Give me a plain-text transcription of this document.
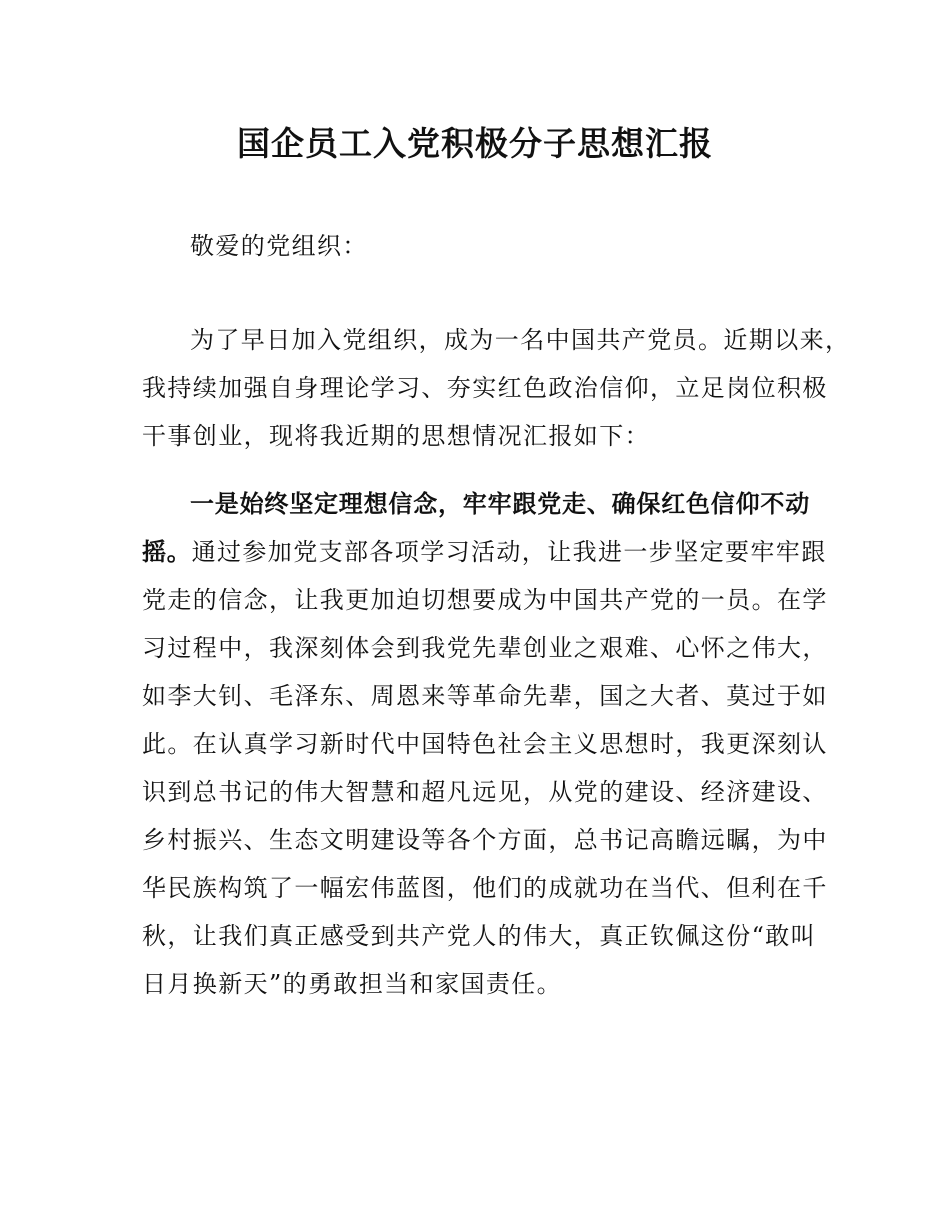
国企员工入党积极分子思想汇报
敬爱的党组织：
为了早日加入党组织，成为一名中国共产党员。近期以来，
我持续加强自身理论学习、夯实红色政治信仰，立足岗位积极
干事创业，现将我近期的思想情况汇报如下：
一是始终坚定理想信念，牢牢跟党走、确保红色信仰不动
摇。通过参加党支部各项学习活动，让我进一步坚定要牢牢跟
党走的信念，让我更加迫切想要成为中国共产党的一员。在学
习过程中，我深刻体会到我党先辈创业之艰难、心怀之伟大，
如李大钊、毛泽东、周恩来等革命先辈，国之大者、莫过于如
此。在认真学习新时代中国特色社会主义思想时，我更深刻认
识到总书记的伟大智慧和超凡远见，从党的建设、经济建设、
乡村振兴、生态文明建设等各个方面，总书记高瞻远瞩，为中
华民族构筑了一幅宏伟蓝图，他们的成就功在当代、但利在千
秋，让我们真正感受到共产党人的伟大，真正钦佩这份“敢叫
日月换新天”的勇敢担当和家国责任。
